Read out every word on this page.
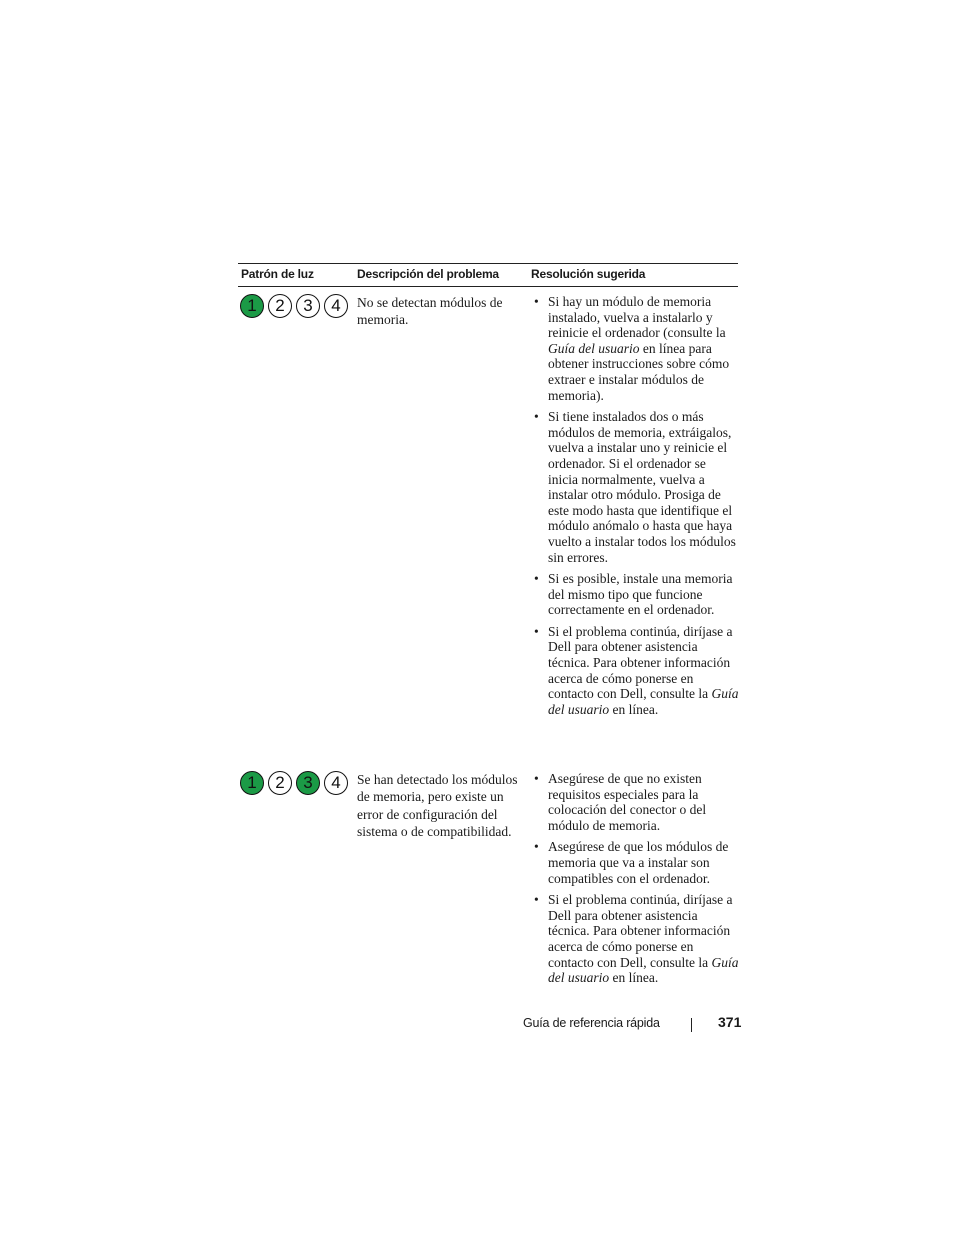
Patrón de luz	Descripción del problema	Resolución sugerida
1	2	3	4	No se detectan módulos de memoria.

• Si hay un módulo de memoria instalado, vuelva a instalarlo y reinicie el ordenador (consulte la Guía del usuario en línea para obtener instrucciones sobre cómo extraer e instalar módulos de memoria).
• Si tiene instalados dos o más módulos de memoria, extráigalos, vuelva a instalar uno y reinicie el ordenador. Si el ordenador se inicia normalmente, vuelva a instalar otro módulo. Prosiga de este modo hasta que identifique el módulo anómalo o hasta que haya vuelto a instalar todos los módulos sin errores.
• Si es posible, instale una memoria del mismo tipo que funcione correctamente en el ordenador.
• Si el problema continúa, diríjase a Dell para obtener asistencia técnica. Para obtener información acerca de cómo ponerse en contacto con Dell, consulte la Guía del usuario en línea.
1	2	3	4	Se han detectado los módulos de memoria, pero existe un error de configuración del sistema o de compatibilidad.

• Asegúrese de que no existen requisitos especiales para la colocación del conector o del módulo de memoria.
• Asegúrese de que los módulos de memoria que va a instalar son compatibles con el ordenador.
• Si el problema continúa, diríjase a Dell para obtener asistencia técnica. Para obtener información acerca de cómo ponerse en contacto con Dell, consulte la Guía del usuario en línea.
Guía de referencia rápida	371
